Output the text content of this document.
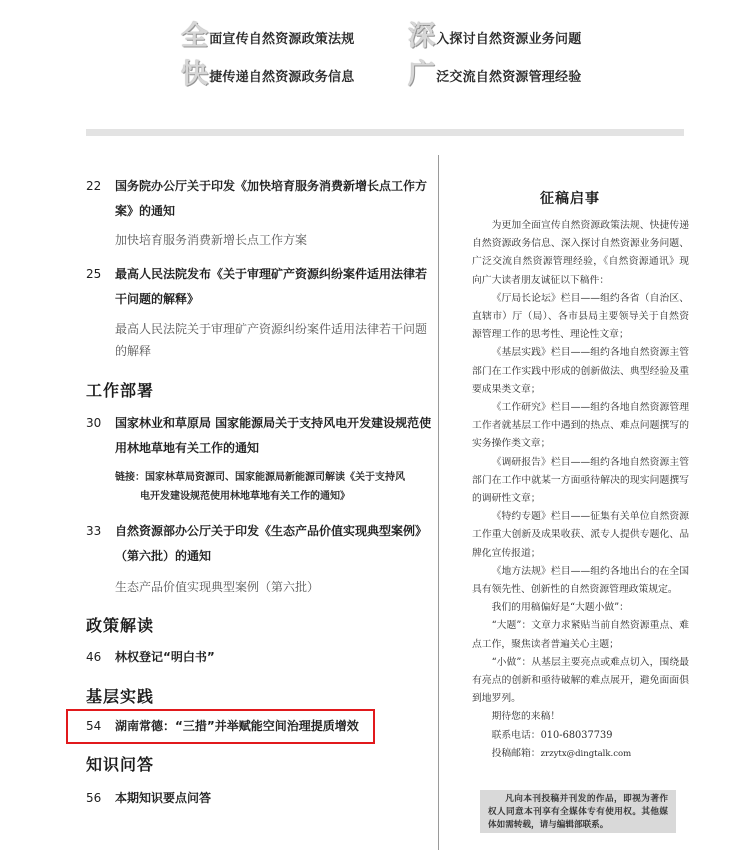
全 面宣传自然资源政策法规 深 入探讨自然资源业务问题
快 捷传递自然资源政务信息 广 泛交流自然资源管理经验
22	国务院办公厅关于印发《加快培育服务消费新增长点工作方案》的通知
加快培育服务消费新增长点工作方案
25	最高人民法院发布《关于审理矿产资源纠纷案件适用法律若干问题的解释》
最高人民法院关于审理矿产资源纠纷案件适用法律若干问题的解释
工作部署
30	国家林业和草原局 国家能源局关于支持风电开发建设规范使用林地草地有关工作的通知
链接：国家林草局资源司、国家能源局新能源司解读《关于支持风
电开发建设规范使用林地草地有关工作的通知》
33	自然资源部办公厅关于印发《生态产品价值实现典型案例》（第六批）的通知
生态产品价值实现典型案例（第六批）
政策解读
46	林权登记“明白书”
基层实践
54	湖南常德：“三措”并举赋能空间治理提质增效
知识问答
56	本期知识要点问答
征稿启事

为更加全面宣传自然资源政策法规、快捷传递自然资源政务信息、深入探讨自然资源业务问题、广泛交流自然资源管理经验，《自然资源通讯》现向广大读者朋友诚征以下稿件：

《厅局长论坛》栏目——组约各省（自治区、直辖市）厅（局）、各市县局主要领导关于自然资源管理工作的思考性、理论性文章；

《基层实践》栏目——组约各地自然资源主管部门在工作实践中形成的创新做法、典型经验及重要成果类文章；

《工作研究》栏目——组约各地自然资源管理工作者就基层工作中遇到的热点、难点问题撰写的实务操作类文章；

《调研报告》栏目——组约各地自然资源主管部门在工作中就某一方面亟待解决的现实问题撰写的调研性文章；

《特约专题》栏目——征集有关单位自然资源工作重大创新及成果收获、派专人提供专题化、品牌化宣传报道；

《地方法规》栏目——组约各地出台的在全国具有领先性、创新性的自然资源管理政策规定。

我们的用稿偏好是“大题小做”：

“大题”：文章力求紧贴当前自然资源重点、难点工作，聚焦读者普遍关心主题；

“小做”：从基层主要亮点或难点切入，围绕最有亮点的创新和亟待破解的难点展开，避免面面俱到地罗列。

期待您的来稿！

联系电话：010-68037739

投稿邮箱：zrzytx@dingtalk.com

凡向本刊投稿并刊发的作品，即视为著作权人同意本刊享有全媒体专有使用权。其他媒体如需转载，请与编辑部联系。
